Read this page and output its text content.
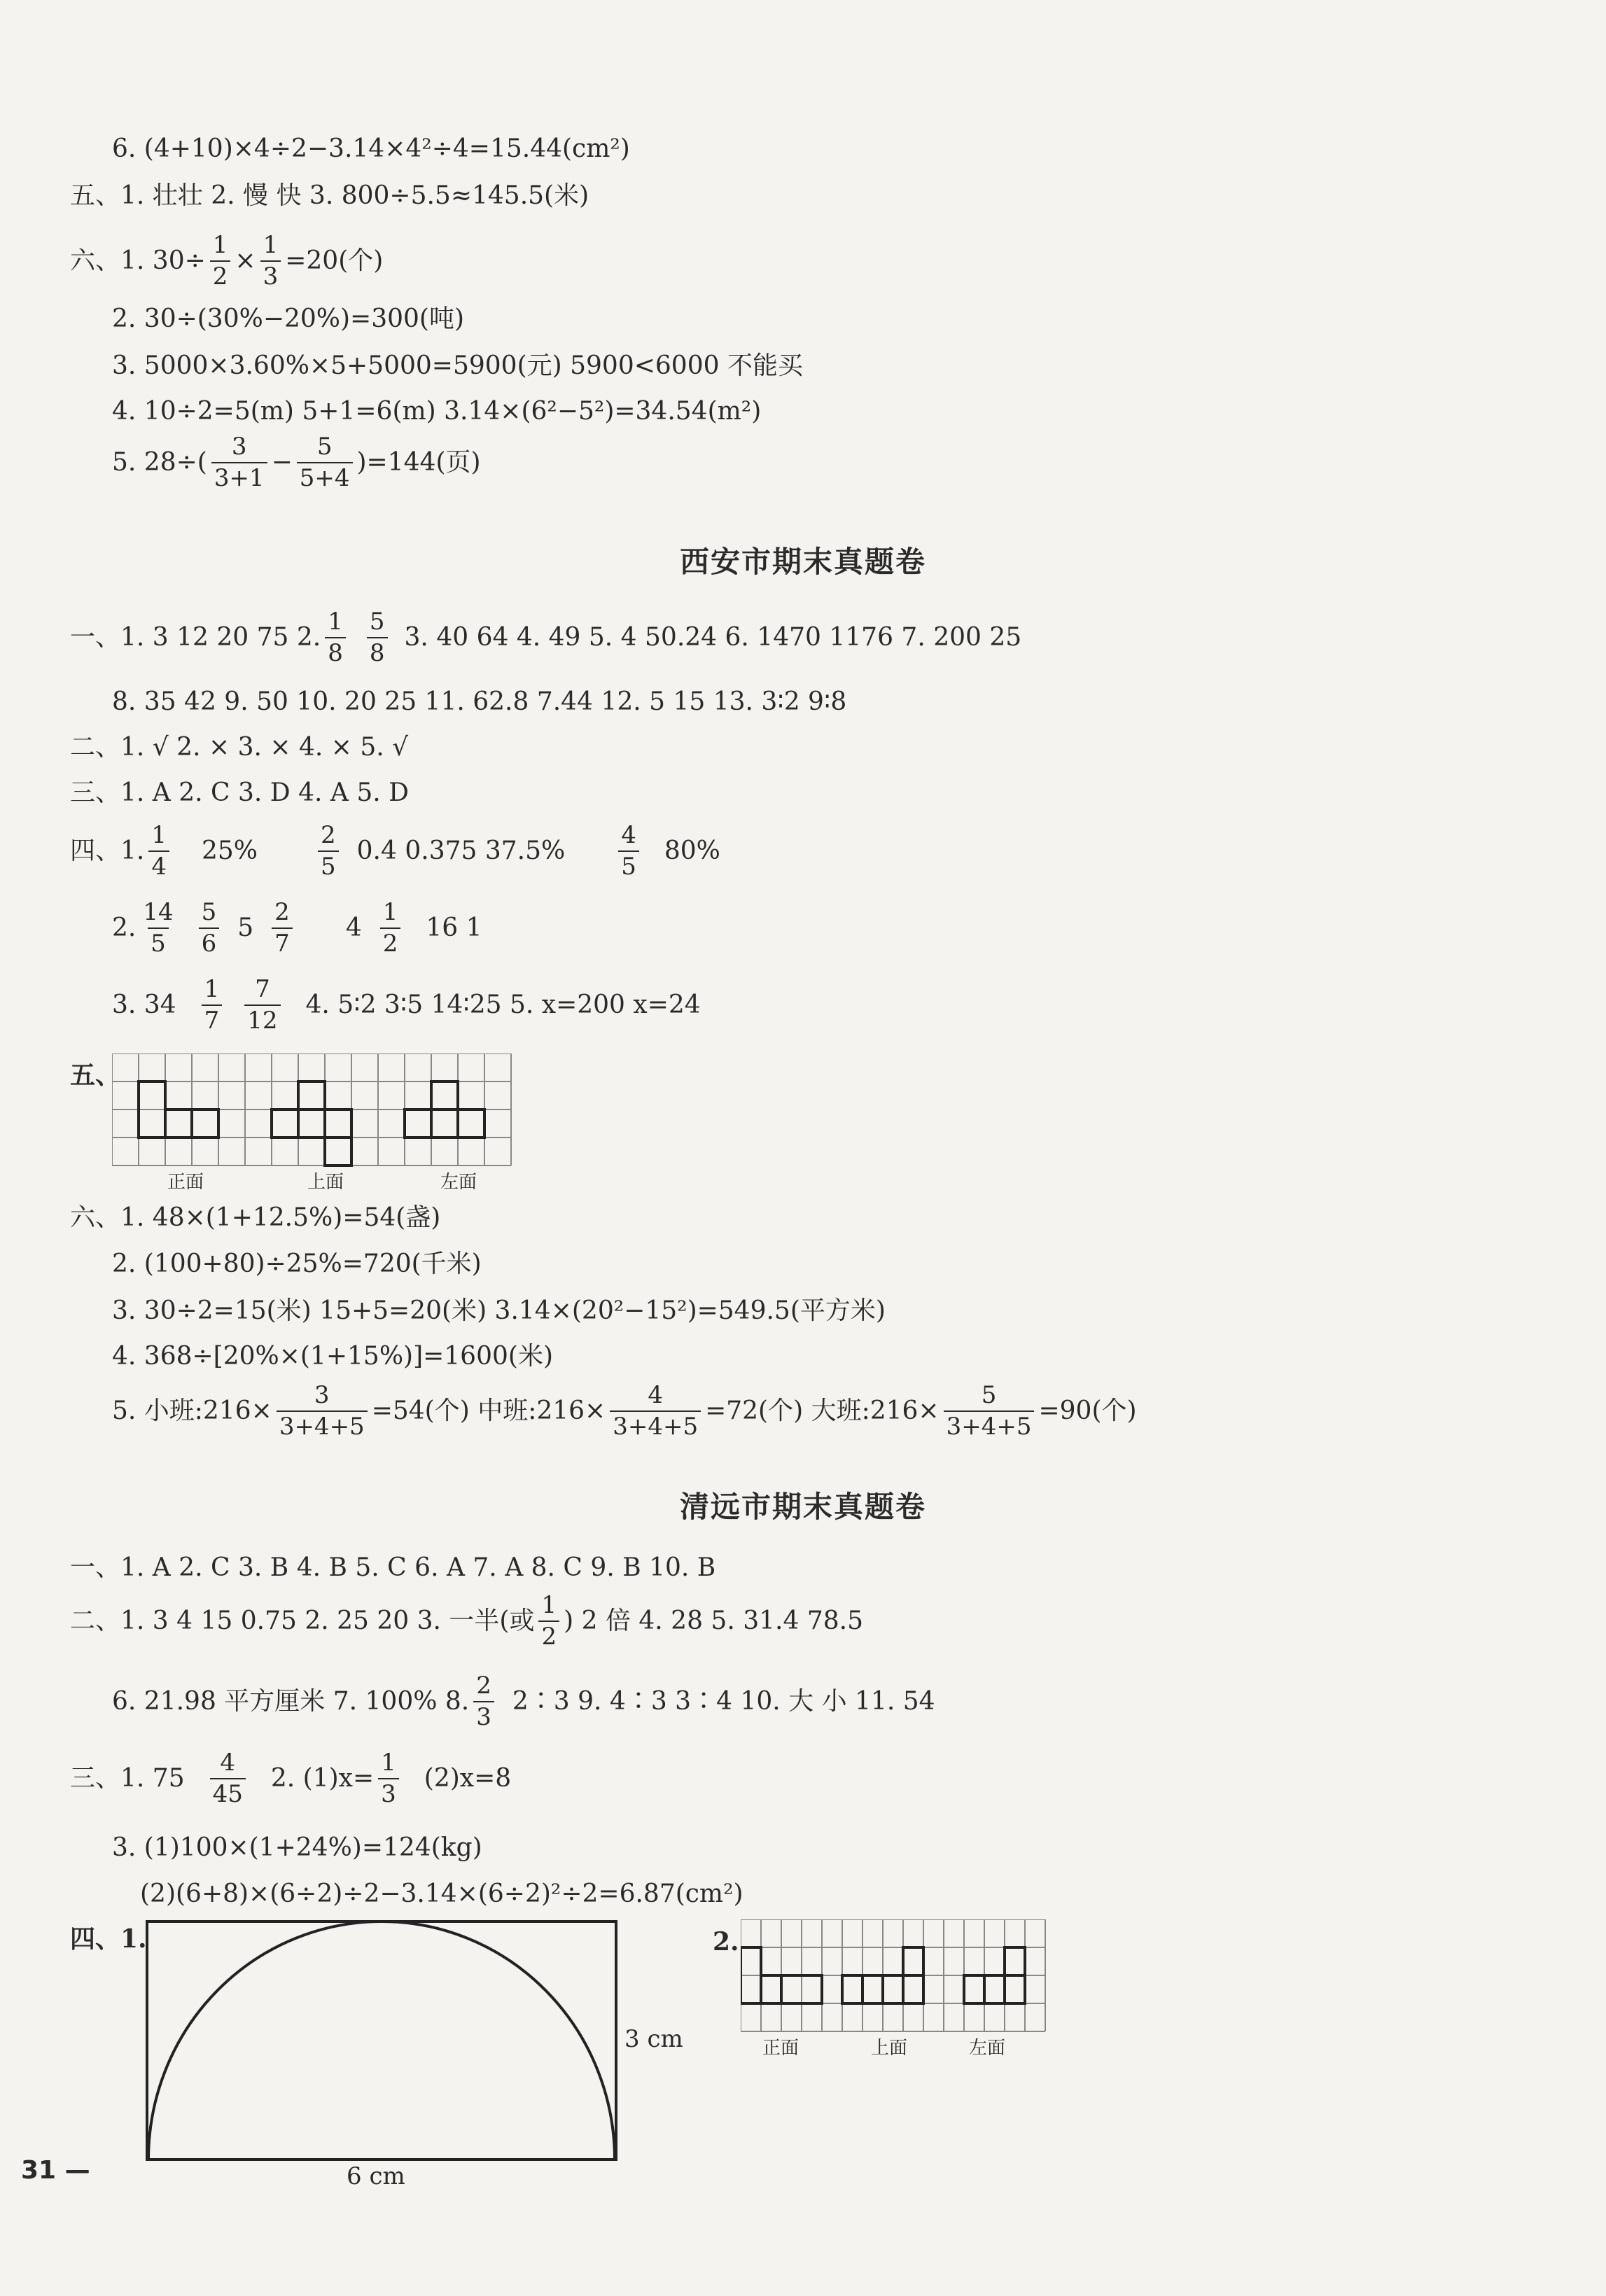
6. (4+10)×4÷2−3.14×4²÷4=15.44(cm²)
五、1. 壮壮 2. 慢 快 3. 800÷5.5≈145.5(米)
六、1. $30\div \frac{1}{2} \times \frac{1}{3} =20$(个)
2. 30÷(30%−20%)=300(吨)
3. 5000×3.60%×5+5000=5900(元) 5900<6000 不能买
4. 10÷2=5(m) 5+1=6(m) 3.14×(6²−5²)=34.54(m²)
5. $28\div( \frac{3}{3+1} - \frac{5}{5+4} )=144$(页)
西安市期末真题卷
一、1. 3 12 20 75 2. $\frac{1}{8} \frac{5}{8} 3$. 40 64 4. 49 5. 4 50.24 6. 1470 1176 7. 200 25
8. 35 42 9. 50 10. 20 25 11. 62.8 7.44 12. 5 15 13. 3∶2 9∶8
二、1. √ 2. × 3. × 4. × 5. √
三、1. A 2. C 3. D 4. A 5. D
四、1. $\frac{1}{4} 25\%$	$\frac{2}{5} 0.4$ 0.375 $37.5\% \frac{4}{5} 80\%$
2. $\frac{14}{5} \frac{5}{6} 5 \frac{2}{7} 4 \frac{1}{2} 16$ 1
3. $34 \frac{1}{7} \frac{7}{12} 4$. 5∶2 3∶5 14∶25 5. x=200 x=24
五、
正面	上面	左面
六、1. 48×(1+12.5%)=54(盏)
2. (100+80)÷25%=720(千米)
3. 30÷2=15(米) 15+5=20(米) 3.14×(20²−15²)=549.5(平方米)
4. 368÷[20%×(1+15%)]=1600(米)
5. 小班:216× $\frac{3}{3+4+5} =54$(个) 中班:216× $\frac{4}{3+4+5} =72$(个) 大班:216× $\frac{5}{3+4+5} =90$(个)
清远市期末真题卷
一、1. A 2. C 3. B 4. B 5. C 6. A 7. A 8. C 9. B 10. B
二、1. 3 4 15 0.75 2. 25 20 3. 一半(或 $\frac{1}{2}$ ) 2 倍 4. 28 5. 31.4 78.5
6. 21.98 平方厘米 7. 100% 8. $\frac{2}{3}$ 2∶3 9. 4∶3 3∶4 10. 大 小 11. 54
三、1. $75 \frac{4}{45} 2$. $(1)x= \frac{1}{3} (2)x=8$
3. (1)100×(1+24%)=124(kg)
(2)(6+8)×(6÷2)÷2−3.14×(6÷2)²÷2=6.87(cm²)
四、1.
3 cm
6 cm
2.
正面	上面	左面
31 —
